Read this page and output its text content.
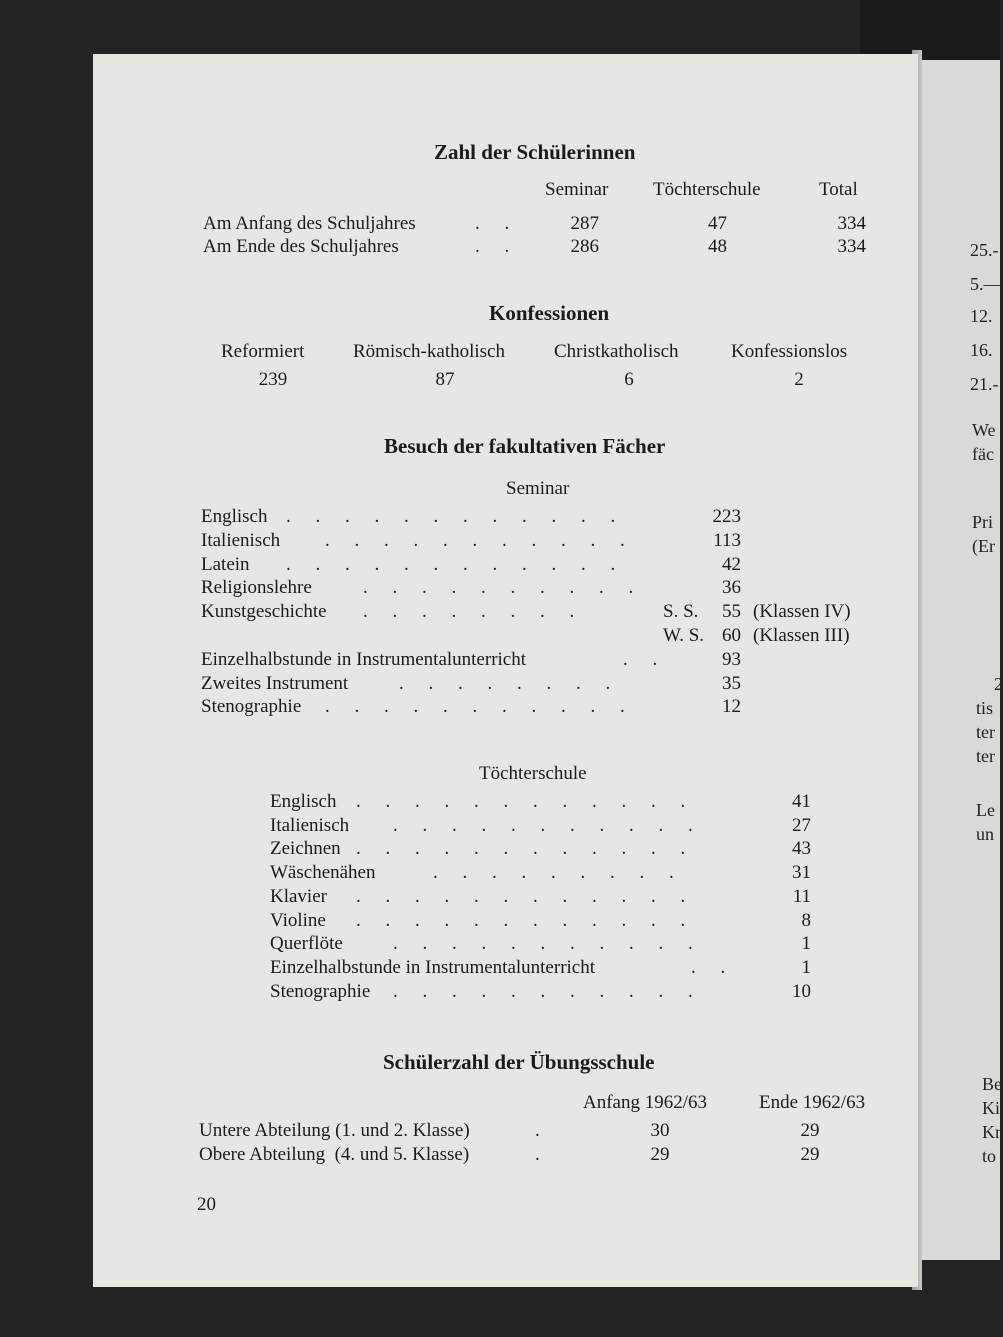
Zahl der Schülerinnen
Seminar Töchterschule	Total
Am Anfang des Schuljahres	. .	287	47	334
Am Ende des Schuljahres	. .	286	48	334
Konfessionen
Reformiert	Römisch-katholisch	Christkatholisch	Konfessionslos
239	87	6	2
Besuch der fakultativen Fächer
Seminar
Englisch . . . . . . . . . . . .	223
Italienisch . . . . . . . . . . .	113
Latein . . . . . . . . . . . .	42
Religionslehre	. . . . . . . . . .	36
Kunstgeschichte . . . . . . . .	S. S.	55 (Klassen IV)
W. S. 60 (Klassen III)
Einzelhalbstunde in Instrumentalunterricht	. .	93
Zweites Instrument	. . . . . . . .	35
Stenographie . . . . . . . . . . .	12
Töchterschule
Englisch . . . . . . . . . . . .	41
Italienisch . . . . . . . . . . .	27
Zeichnen . . . . . . . . . . . .	43
Wäschenähen	. . . . . . . . .	31
Klavier . . . . . . . . . . . .	11
Violine . . . . . . . . . . . .	8
Querflöte	. . . . . . . . . . .	1
Einzelhalbstunde in Instrumentalunterricht	. .	1
Stenographie . . . . . . . . . . .	10
Schülerzahl der Übungsschule
Anfang 1962/63	Ende 1962/63
Untere Abteilung (1. und 2. Klasse)	.	30	29
Obere Abteilung  (4. und 5. Klasse)	.	29	29
20
25.-
5.—
12.
16.
21.-
We
fäc
Pri
(Er
2
tis
ter
ter
Le
un
Be
Ki
Kr
to
